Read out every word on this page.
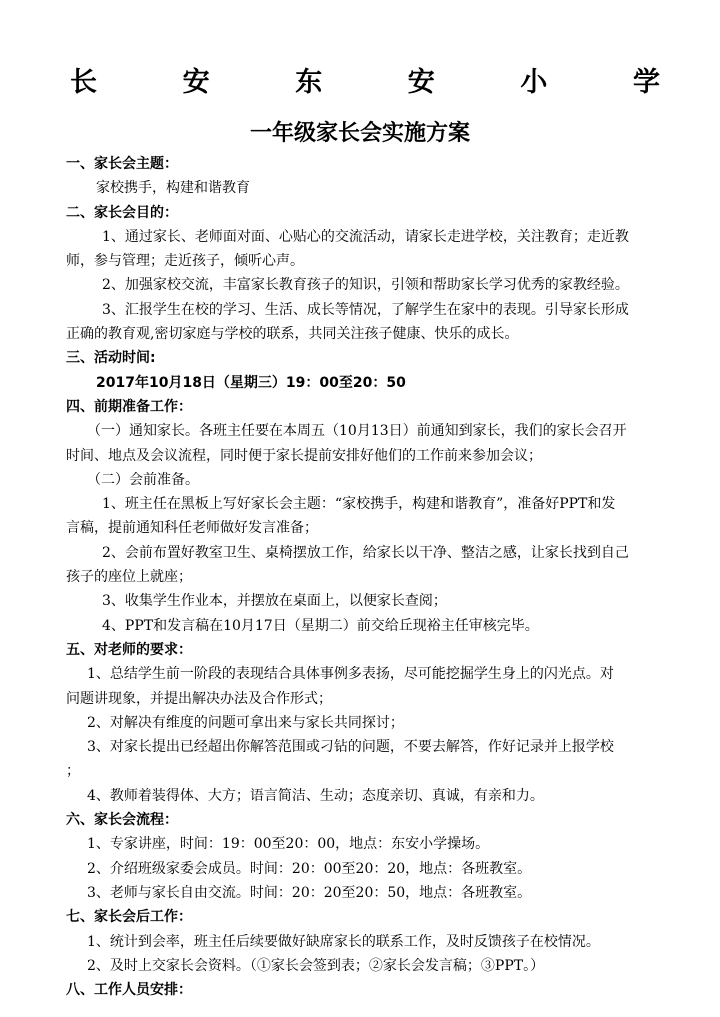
长	安	东	安	小	学
一年级家长会实施方案
一、家长会主题：
家校携手，构建和谐教育
二、家长会目的：
1、通过家长、老师面对面、心贴心的交流活动，请家长走进学校，关注教育；走近教
师，参与管理；走近孩子，倾听心声。
2、加强家校交流，丰富家长教育孩子的知识，引领和帮助家长学习优秀的家教经验。
3、汇报学生在校的学习、生活、成长等情况，了解学生在家中的表现。引导家长形成
正确的教育观,密切家庭与学校的联系，共同关注孩子健康、快乐的成长。
三、活动时间:
2017年10月18日（星期三）19：00至20：50
四、前期准备工作：
（一）通知家长。各班主任要在本周五（10月13日）前通知到家长，我们的家长会召开
时间、地点及会议流程，同时便于家长提前安排好他们的工作前来参加会议；
（二）会前准备。
1、班主任在黑板上写好家长会主题：“家校携手，构建和谐教育”，准备好PPT和发
言稿，提前通知科任老师做好发言准备；
2、会前布置好教室卫生、桌椅摆放工作，给家长以干净、整洁之感，让家长找到自己
孩子的座位上就座；
3、收集学生作业本，并摆放在桌面上，以便家长查阅；
4、PPT和发言稿在10月17日（星期二）前交给丘现裕主任审核完毕。
五、对老师的要求：
1、总结学生前一阶段的表现结合具体事例多表扬，尽可能挖掘学生身上的闪光点。对
问题讲现象，并提出解决办法及合作形式；
2、对解决有维度的问题可拿出来与家长共同探讨；
3、对家长提出已经超出你解答范围或刁钻的问题，不要去解答，作好记录并上报学校
；
4、教师着装得体、大方；语言简洁、生动；态度亲切、真诚，有亲和力。
六、家长会流程：
1、专家讲座，时间：19：00至20：00，地点：东安小学操场。
2、介绍班级家委会成员。时间：20：00至20：20，地点：各班教室。
3、老师与家长自由交流。时间：20：20至20：50，地点：各班教室。
七、家长会后工作：
1、统计到会率，班主任后续要做好缺席家长的联系工作，及时反馈孩子在校情况。
2、及时上交家长会资料。（①家长会签到表；②家长会发言稿；③PPT。）
八、工作人员安排：
